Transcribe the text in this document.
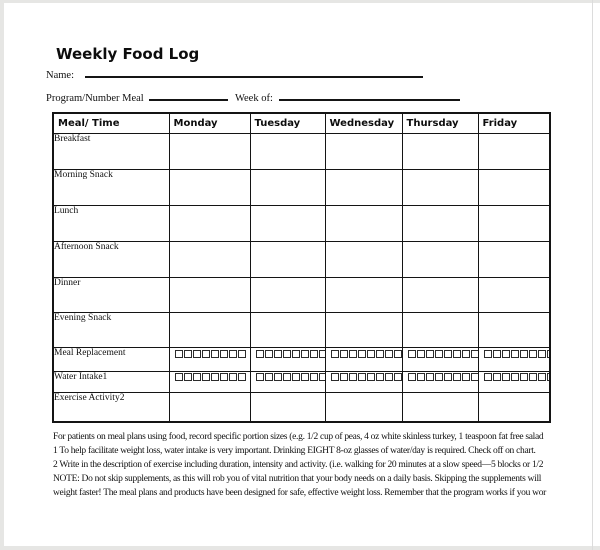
Weekly Food Log
Name:
Program/Number Meal	Week of:
Meal/ Time	Monday	Tuesday	Wednesday	Thursday	Friday
Breakfast					
Morning Snack					
Lunch					
Afternoon Snack					
Dinner					
Evening Snack					
Meal Replacement	

Water Intake1	

Exercise Activity2					
For patients on meal plans using food, record specific portion sizes (e.g. 1/2 cup of peas, 4 oz white skinless turkey, 1 teaspoon fat free salad
1 To help facilitate weight loss, water intake is very important. Drinking EIGHT 8-oz glasses of water/day is required. Check off on chart.
2 Write in the description of exercise including duration, intensity and activity. (i.e. walking for 20 minutes at a slow speed—5 blocks or 1/2
NOTE: Do not skip supplements, as this will rob you of vital nutrition that your body needs on a daily basis. Skipping the supplements will
weight faster! The meal plans and products have been designed for safe, effective weight loss. Remember that the program works if you wor
